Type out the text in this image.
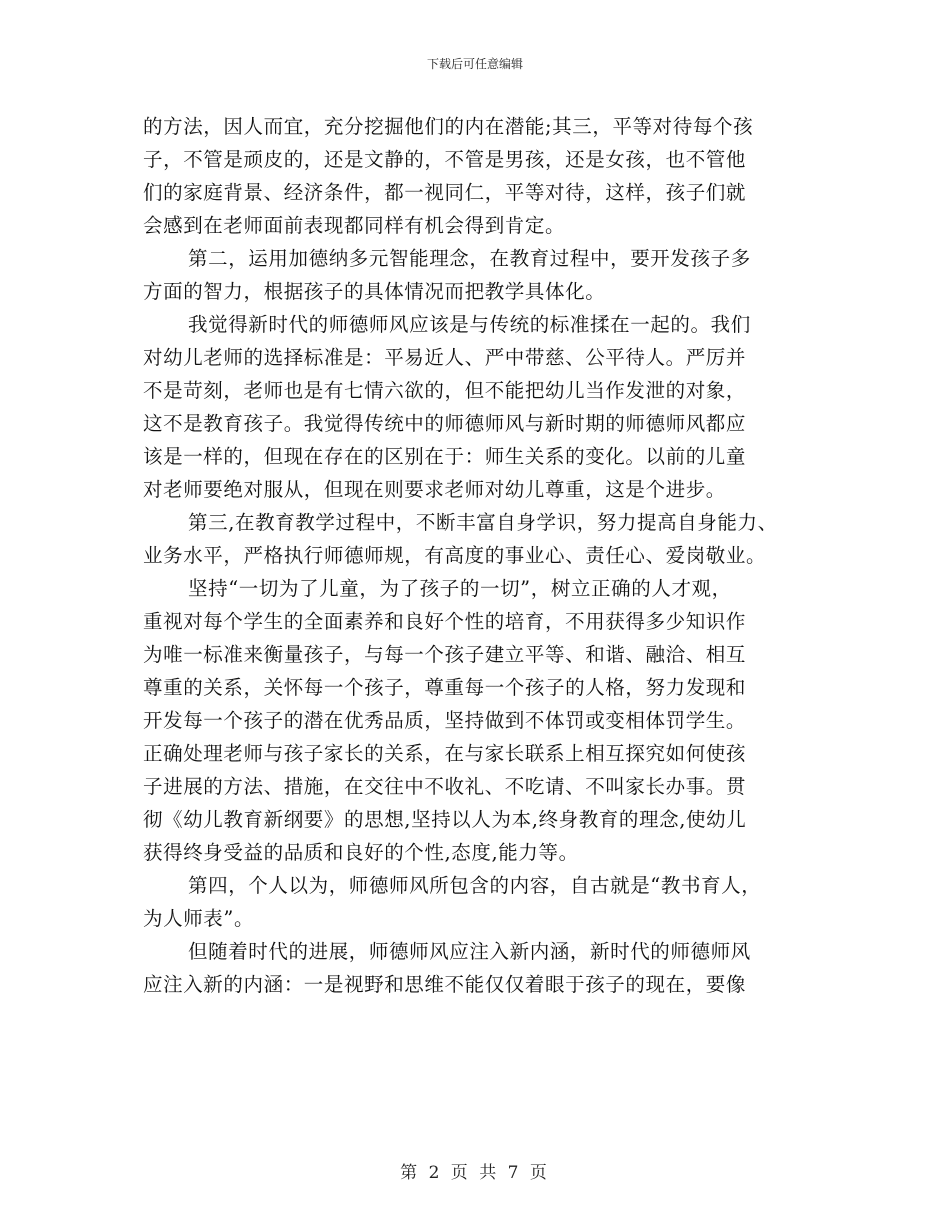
下载后可任意编辑
的方法，因人而宜，充分挖掘他们的内在潜能;其三，平等对待每个孩
子，不管是顽皮的，还是文静的，不管是男孩，还是女孩，也不管他
们的家庭背景、经济条件，都一视同仁，平等对待，这样，孩子们就
会感到在老师面前表现都同样有机会得到肯定。
第二，运用加德纳多元智能理念，在教育过程中，要开发孩子多
方面的智力，根据孩子的具体情况而把教学具体化。
我觉得新时代的师德师风应该是与传统的标准揉在一起的。我们
对幼儿老师的选择标准是：平易近人、严中带慈、公平待人。严厉并
不是苛刻，老师也是有七情六欲的，但不能把幼儿当作发泄的对象，
这不是教育孩子。我觉得传统中的师德师风与新时期的师德师风都应
该是一样的，但现在存在的区别在于：师生关系的变化。以前的儿童
对老师要绝对服从，但现在则要求老师对幼儿尊重，这是个进步。
第三,在教育教学过程中，不断丰富自身学识，努力提高自身能力、
业务水平，严格执行师德师规，有高度的事业心、责任心、爱岗敬业。
坚持“一切为了儿童，为了孩子的一切”，树立正确的人才观，
重视对每个学生的全面素养和良好个性的培育，不用获得多少知识作
为唯一标准来衡量孩子，与每一个孩子建立平等、和谐、融洽、相互
尊重的关系，关怀每一个孩子，尊重每一个孩子的人格，努力发现和
开发每一个孩子的潜在优秀品质，坚持做到不体罚或变相体罚学生。
正确处理老师与孩子家长的关系，在与家长联系上相互探究如何使孩
子进展的方法、措施，在交往中不收礼、不吃请、不叫家长办事。贯
彻《幼儿教育新纲要》的思想,坚持以人为本,终身教育的理念,使幼儿
获得终身受益的品质和良好的个性,态度,能力等。
第四，个人以为，师德师风所包含的内容，自古就是“教书育人，
为人师表”。
但随着时代的进展，师德师风应注入新内涵，新时代的师德师风
应注入新的内涵：一是视野和思维不能仅仅着眼于孩子的现在，要像
第 2 页 共 7 页
